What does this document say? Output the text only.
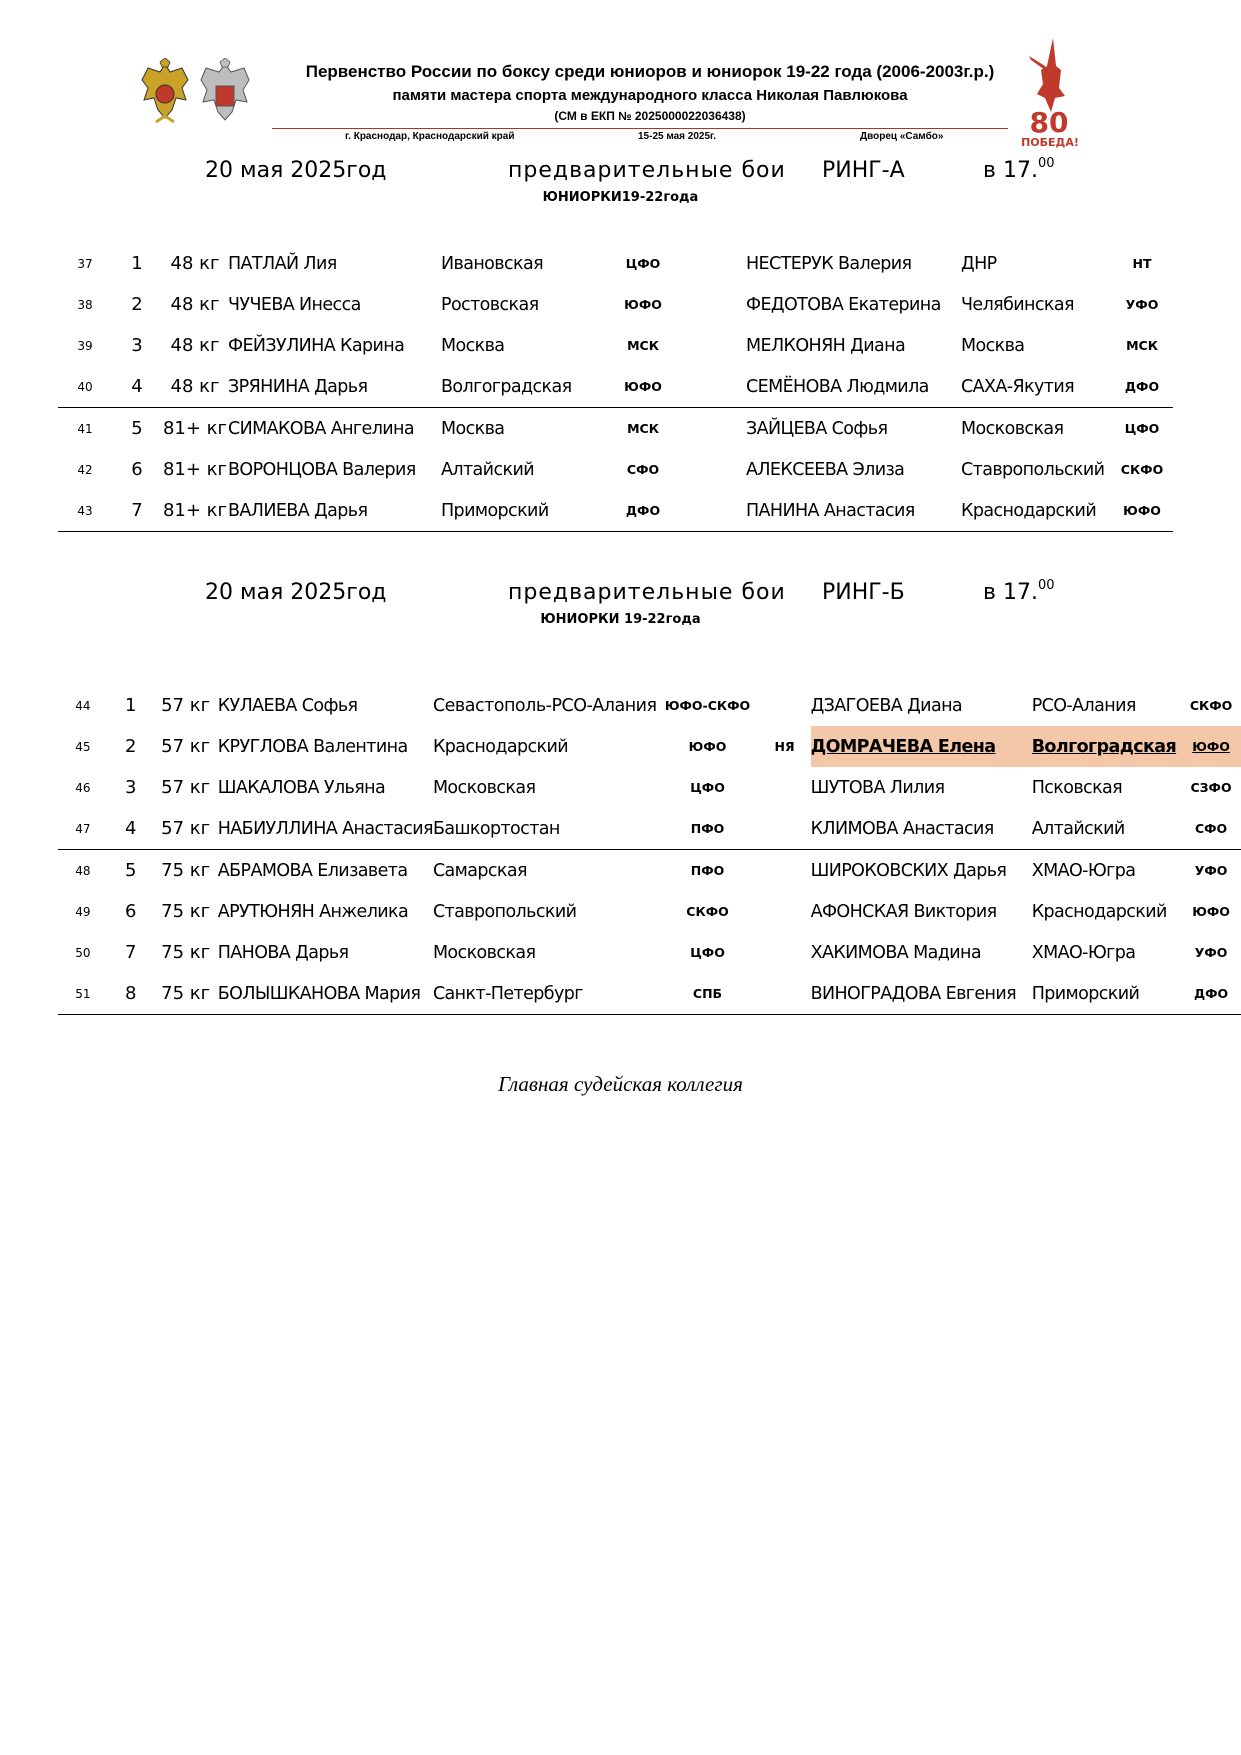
Первенство России по боксу среди юниоров и юниорок 19-22 года (2006-2003г.р.)
памяти мастера спорта международного класса Николая Павлюкова
(СМ в ЕКП № 2025000022036438)
г. Краснодар, Краснодарский край	15-25 мая 2025г.	Дворец «Самбо»	80
ПОБЕДА!
20 мая 2025год	предварительные бои РИНГ-А	в 17.00
ЮНИОРКИ19-22года
37	1	48 кг	ПАТЛАЙ Лия	Ивановская	ЦФО		НЕСТЕРУК Валерия	ДНР	НТ
38	2	48 кг	ЧУЧЕВА Инесса	Ростовская	ЮФО		ФЕДОТОВА Екатерина	Челябинская	УФО
39	3	48 кг	ФЕЙЗУЛИНА Карина	Москва	МСК		МЕЛКОНЯН Диана	Москва	МСК
40	4	48 кг	ЗРЯНИНА Дарья	Волгоградская	ЮФО		СЕМЁНОВА Людмила	САХА-Якутия	ДФО
41	5	81+ кг	СИМАКОВА Ангелина	Москва	МСК		ЗАЙЦЕВА Софья	Московская	ЦФО
42	6	81+ кг	ВОРОНЦОВА Валерия	Алтайский	СФО		АЛЕКСЕЕВА Элиза	Ставропольский	СКФО
43	7	81+ кг	ВАЛИЕВА Дарья	Приморский	ДФО		ПАНИНА Анастасия	Краснодарский	ЮФО
20 мая 2025год	предварительные бои РИНГ-Б	в 17.00
ЮНИОРКИ 19-22года
44	1	57 кг	КУЛАЕВА Софья	Севастополь-РСО-Алания	ЮФО-СКФО		ДЗАГОЕВА Диана	РСО-Алания	СКФО
45	2	57 кг	КРУГЛОВА Валентина	Краснодарский	ЮФО	НЯ	ДОМРАЧЕВА Елена	Волгоградская	ЮФО
46	3	57 кг	ШАКАЛОВА Ульяна	Московская	ЦФО		ШУТОВА Лилия	Псковская	СЗФО
47	4	57 кг	НАБИУЛЛИНА Анастасия	Башкортостан	ПФО		КЛИМОВА Анастасия	Алтайский	СФО
48	5	75 кг	АБРАМОВА Елизавета	Самарская	ПФО		ШИРОКОВСКИХ Дарья	ХМАО-Югра	УФО
49	6	75 кг	АРУТЮНЯН Анжелика	Ставропольский	СКФО		АФОНСКАЯ Виктория	Краснодарский	ЮФО
50	7	75 кг	ПАНОВА Дарья	Московская	ЦФО		ХАКИМОВА Мадина	ХМАО-Югра	УФО
51	8	75 кг	БОЛЫШКАНОВА Мария	Санкт-Петербург	СПБ		ВИНОГРАДОВА Евгения	Приморский	ДФО
Главная судейская коллегия
